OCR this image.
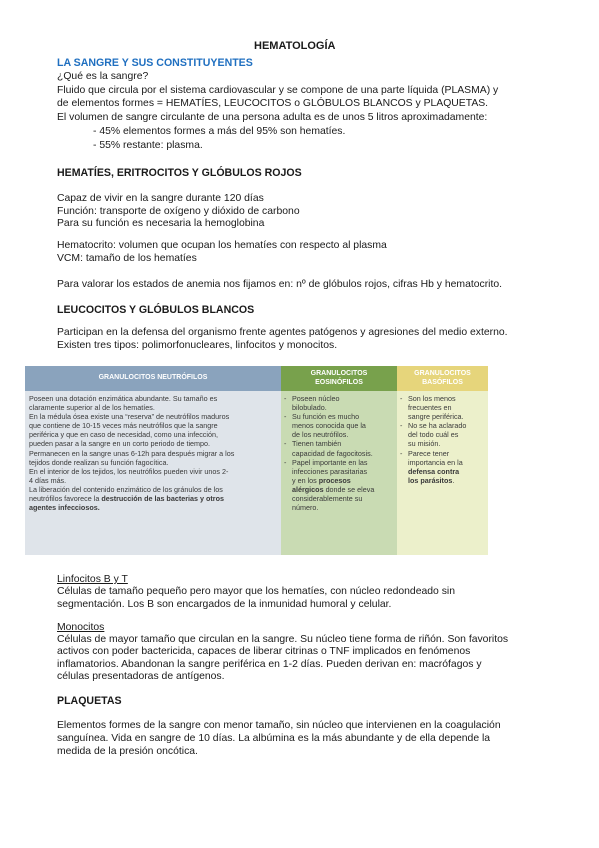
HEMATOLOGÍA
LA SANGRE Y SUS CONSTITUYENTES
¿Qué es la sangre?
Fluido que circula por el sistema cardiovascular y se compone de una parte líquida (PLASMA) y
de elementos formes = HEMATÍES, LEUCOCITOS o GLÓBULOS BLANCOS y PLAQUETAS.
El volumen de sangre circulante de una persona adulta es de unos 5 litros aproximadamente:
- 45% elementos formes a más del 95% son hematíes.
- 55% restante: plasma.
HEMATÍES, ERITROCITOS Y GLÓBULOS ROJOS
Capaz de vivir en la sangre durante 120 días
Función: transporte de oxígeno y dióxido de carbono
Para su función es necesaria la hemoglobina
Hematocrito: volumen que ocupan los hematíes con respecto al plasma
VCM: tamaño de los hematíes
Para valorar los estados de anemia nos fijamos en: nº de glóbulos rojos, cifras Hb y hematocrito.
LEUCOCITOS Y GLÓBULOS BLANCOS
Participan en la defensa del organismo frente agentes patógenos y agresiones del medio externo.
Existen tres tipos: polimorfonucleares, linfocitos y monocitos.
GRANULOCITOS NEUTRÓFILOS
Poseen una dotación enzimática abundante. Su tamaño es
claramente superior al de los hematíes.
En la médula ósea existe una “reserva” de neutrófilos maduros
que contiene de 10-15 veces más neutrófilos que la sangre
periférica y que en caso de necesidad, como una infección,
pueden pasar a la sangre en un corto periodo de tiempo.
Permanecen en la sangre unas 6-12h para después migrar a los
tejidos donde realizan su función fagocítica.
En el interior de los tejidos, los neutrófilos pueden vivir unos 2-
4 días más.
La liberación del contenido enzimático de los gránulos de los
neutrófilos favorece la destrucción de las bacterias y otros
agentes infecciosos.
GRANULOCITOS
EOSINÓFILOS
- Poseen núcleo
bilobulado.
- Su función es mucho
menos conocida que la
de los neutrófilos.
- Tienen también
capacidad de fagocitosis.
- Papel importante en las
infecciones parasitarias
y en los procesos
alérgicos donde se eleva
considerablemente su
número.
GRANULOCITOS
BASÓFILOS
- Son los menos
frecuentes en
sangre periférica.
- No se ha aclarado
del todo cuál es
su misión.
- Parece tener
importancia en la
defensa contra
los parásitos.
Linfocitos B y T
Células de tamaño pequeño pero mayor que los hematíes, con núcleo redondeado sin
segmentación. Los B son encargados de la inmunidad humoral y celular.
Monocitos
Células de mayor tamaño que circulan en la sangre. Su núcleo tiene forma de riñón. Son favoritos
activos con poder bactericida, capaces de liberar citrinas o TNF implicados en fenómenos
inflamatorios. Abandonan la sangre periférica en 1-2 días. Pueden derivan en: macrófagos y
células presentadoras de antígenos.
PLAQUETAS
Elementos formes de la sangre con menor tamaño, sin núcleo que intervienen en la coagulación
sanguínea. Vida en sangre de 10 días. La albúmina es la más abundante y de ella depende la
medida de la presión oncótica.
